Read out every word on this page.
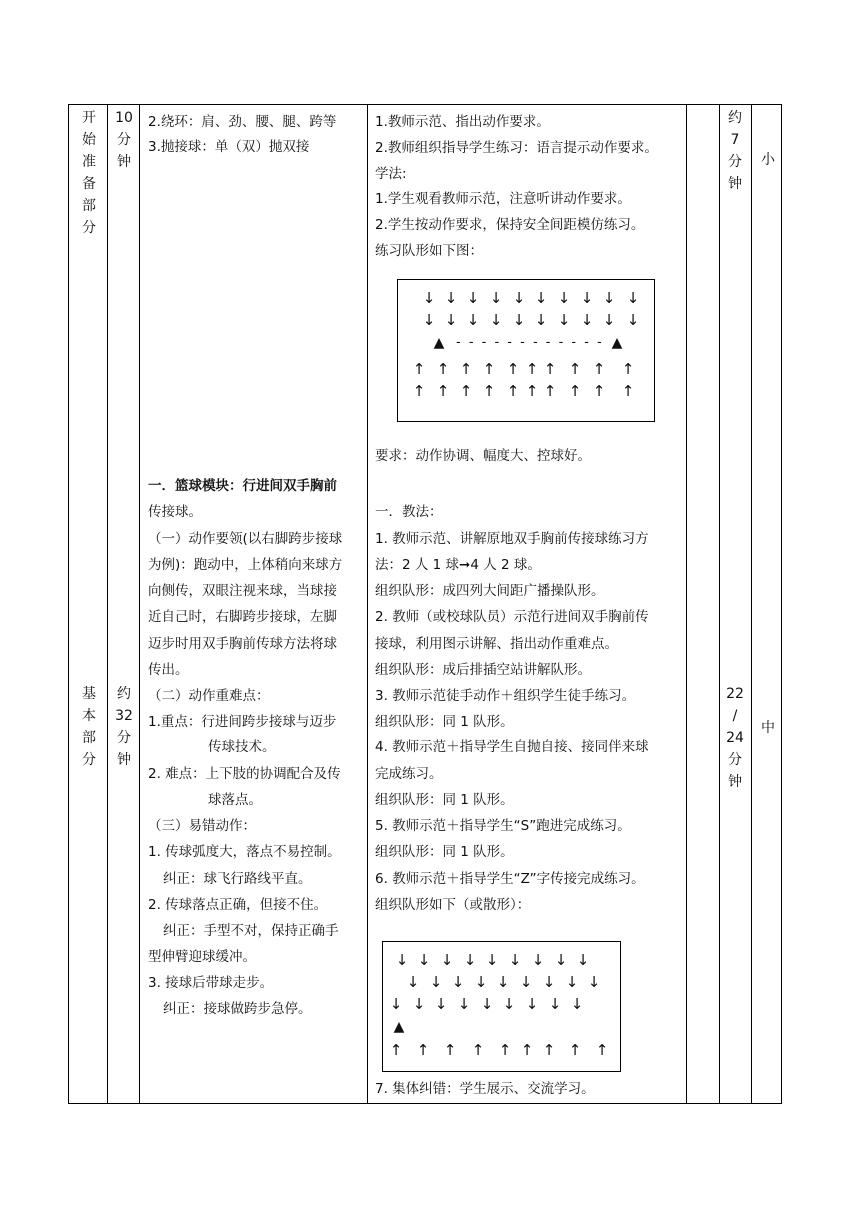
开
始
准
备
部
分
10
分
钟
约
7
分
钟
小
基
本
部
分
约
32
分
钟
22
/
24
分
钟
中
2.绕环：肩、劲、腰、腿、跨等
3.抛接球：单（双）抛双接
1.教师示范、指出动作要求。
2.教师组织指导学生练习：语言提示动作要求。
学法:
1.学生观看教师示范，注意听讲动作要求。
2.学生按动作要求，保持安全间距模仿练习。
练习队形如下图：
↓ ↓ ↓ ↓ ↓ ↓ ↓ ↓ ↓ ↓
↓ ↓ ↓ ↓ ↓ ↓ ↓ ↓ ↓ ↓
▲ - - - - - - - - - - - - ▲
↑ ↑ ↑ ↑ ↑ ↑ ↑ ↑ ↑ ↑
↑ ↑ ↑ ↑ ↑ ↑ ↑ ↑ ↑ ↑
要求：动作协调、幅度大、控球好。
一．篮球模块：行进间双手胸前
传接球。
（一）动作要领(以右脚跨步接球
为例)：跑动中，上体稍向来球方
向侧传，双眼注视来球，当球接
近自己时，右脚跨步接球，左脚
迈步时用双手胸前传球方法将球
传出。
（二）动作重难点：
1.重点：行进间跨步接球与迈步
传球技术。
2. 难点：上下肢的协调配合及传
球落点。
（三）易错动作：
1. 传球弧度大，落点不易控制。
纠正：球飞行路线平直。
2. 传球落点正确，但接不住。
纠正：手型不对，保持正确手
型伸臂迎球缓冲。
3. 接球后带球走步。
纠正：接球做跨步急停。
一．教法：
1. 教师示范、讲解原地双手胸前传接球练习方
法：2 人 1 球➞4 人 2 球。
组织队形：成四列大间距广播操队形。
2. 教师（或校球队员）示范行进间双手胸前传
接球，利用图示讲解、指出动作重难点。
组织队形：成后排插空站讲解队形。
3. 教师示范徒手动作＋组织学生徒手练习。
组织队形：同 1 队形。
4. 教师示范＋指导学生自抛自接、接同伴来球
完成练习。
组织队形：同 1 队形。
5. 教师示范＋指导学生“S”跑进完成练习。
组织队形：同 1 队形。
6. 教师示范＋指导学生“Z”字传接完成练习。
组织队形如下（或散形）：
↓ ↓ ↓ ↓ ↓ ↓ ↓ ↓ ↓
↓ ↓ ↓ ↓ ↓ ↓ ↓ ↓ ↓
↓ ↓ ↓ ↓ ↓ ↓ ↓ ↓ ↓
▲
↑ ↑ ↑ ↑ ↑ ↑ ↑ ↑ ↑
7. 集体纠错：学生展示、交流学习。
